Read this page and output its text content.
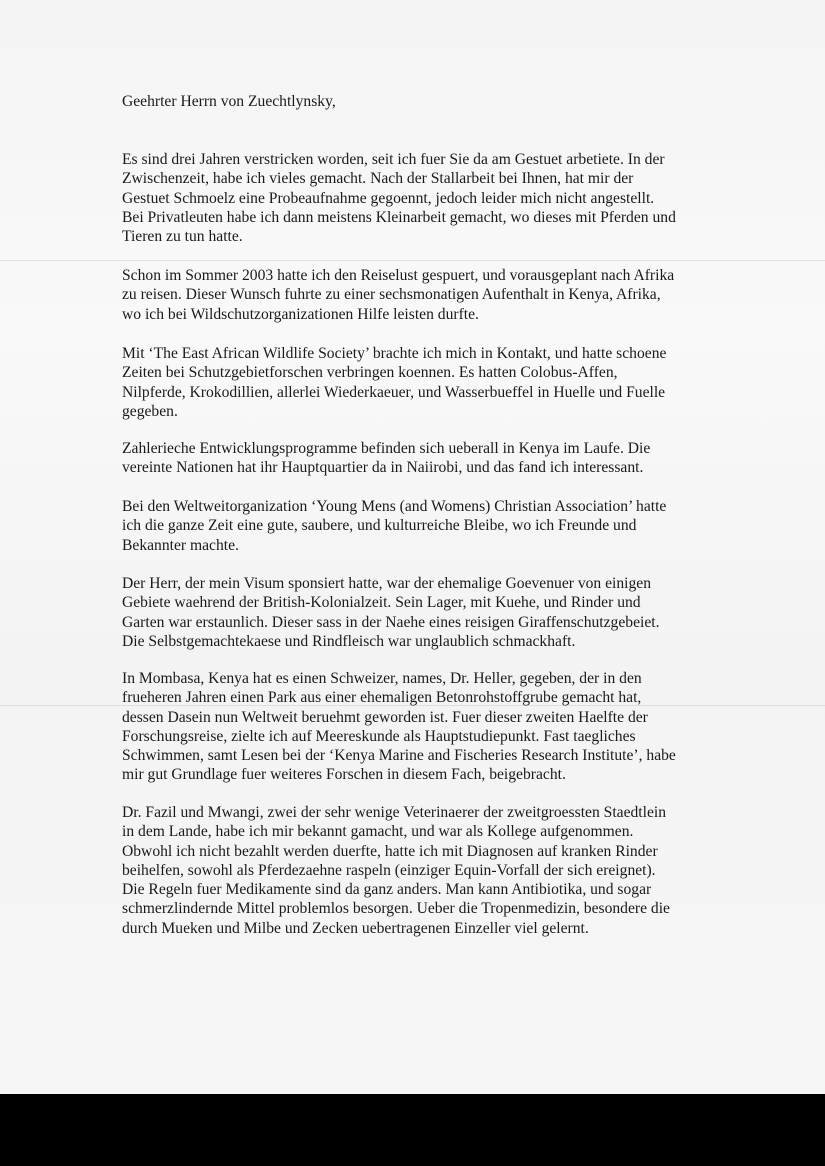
Geehrter Herrn von Zuechtlynsky,

Es sind drei Jahren verstricken worden, seit ich fuer Sie da am Gestuet arbetiete. In der
Zwischenzeit, habe ich vieles gemacht. Nach der Stallarbeit bei Ihnen, hat mir der
Gestuet Schmoelz eine Probeaufnahme gegoennt, jedoch leider mich nicht angestellt.
Bei Privatleuten habe ich dann meistens Kleinarbeit gemacht, wo dieses mit Pferden und
Tieren zu tun hatte.

Schon im Sommer 2003 hatte ich den Reiselust gespuert, und vorausgeplant nach Afrika
zu reisen. Dieser Wunsch fuhrte zu einer sechsmonatigen Aufenthalt in Kenya, Afrika,
wo ich bei Wildschutzorganizationen Hilfe leisten durfte.

Mit ‘The East African Wildlife Society’ brachte ich mich in Kontakt, und hatte schoene
Zeiten bei Schutzgebietforschen verbringen koennen. Es hatten Colobus-Affen,
Nilpferde, Krokodillien, allerlei Wiederkaeuer, und Wasserbueffel in Huelle und Fuelle
gegeben.

Zahlerieche Entwicklungsprogramme befinden sich ueberall in Kenya im Laufe. Die
vereinte Nationen hat ihr Hauptquartier da in Naiirobi, und das fand ich interessant.

Bei den Weltweitorganization ‘Young Mens (and Womens) Christian Association’ hatte
ich die ganze Zeit eine gute, saubere, und kulturreiche Bleibe, wo ich Freunde und
Bekannter machte.

Der Herr, der mein Visum sponsiert hatte, war der ehemalige Goevenuer von einigen
Gebiete waehrend der British-Kolonialzeit. Sein Lager, mit Kuehe, und Rinder und
Garten war erstaunlich. Dieser sass in der Naehe eines reisigen Giraffenschutzgebeiet.
Die Selbstgemachtekaese und Rindfleisch war unglaublich schmackhaft.

In Mombasa, Kenya hat es einen Schweizer, names, Dr. Heller, gegeben, der in den
frueheren Jahren einen Park aus einer ehemaligen Betonrohstoffgrube gemacht hat,
dessen Dasein nun Weltweit beruehmt geworden ist. Fuer dieser zweiten Haelfte der
Forschungsreise, zielte ich auf Meereskunde als Hauptstudiepunkt. Fast taegliches
Schwimmen, samt Lesen bei der ‘Kenya Marine and Fischeries Research Institute’, habe
mir gut Grundlage fuer weiteres Forschen in diesem Fach, beigebracht.

Dr. Fazil und Mwangi, zwei der sehr wenige Veterinaerer der zweitgroessten Staedtlein
in dem Lande, habe ich mir bekannt gamacht, und war als Kollege aufgenommen.
Obwohl ich nicht bezahlt werden duerfte, hatte ich mit Diagnosen auf kranken Rinder
beihelfen, sowohl als Pferdezaehne raspeln (einziger Equin-Vorfall der sich ereignet).
Die Regeln fuer Medikamente sind da ganz anders. Man kann Antibiotika, und sogar
schmerzlindernde Mittel problemlos besorgen. Ueber die Tropenmedizin, besondere die
durch Mueken und Milbe und Zecken uebertragenen Einzeller viel gelernt.
